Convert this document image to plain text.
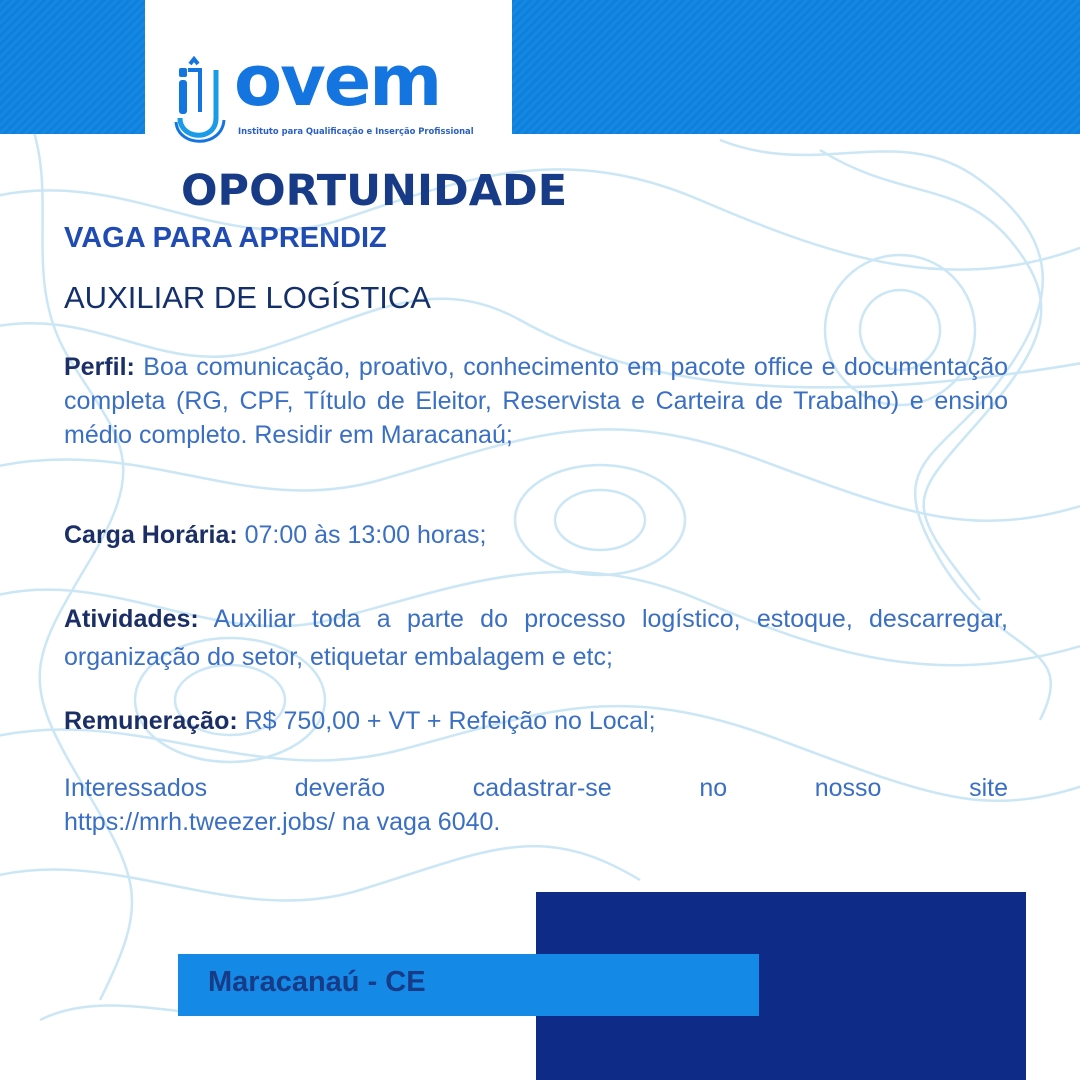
ovem
Instituto para Qualificação e Inserção Profissional
OPORTUNIDADE
VAGA PARA APRENDIZ
AUXILIAR DE LOGÍSTICA
Perfil: Boa comunicação, proativo, conhecimento em pacote office e documentação completa (RG, CPF, Título de Eleitor, Reservista e Carteira de Trabalho) e ensino médio completo. Residir em Maracanaú;
Carga Horária: 07:00 às 13:00 horas;
Atividades: Auxiliar toda a parte do processo logístico, estoque, descarregar, organização do setor, etiquetar embalagem e etc;
Remuneração: R$ 750,00 + VT + Refeição no Local;
Interessados deverão cadastrar-se no nosso site
https://mrh.tweezer.jobs/ na vaga 6040.
Maracanaú - CE
